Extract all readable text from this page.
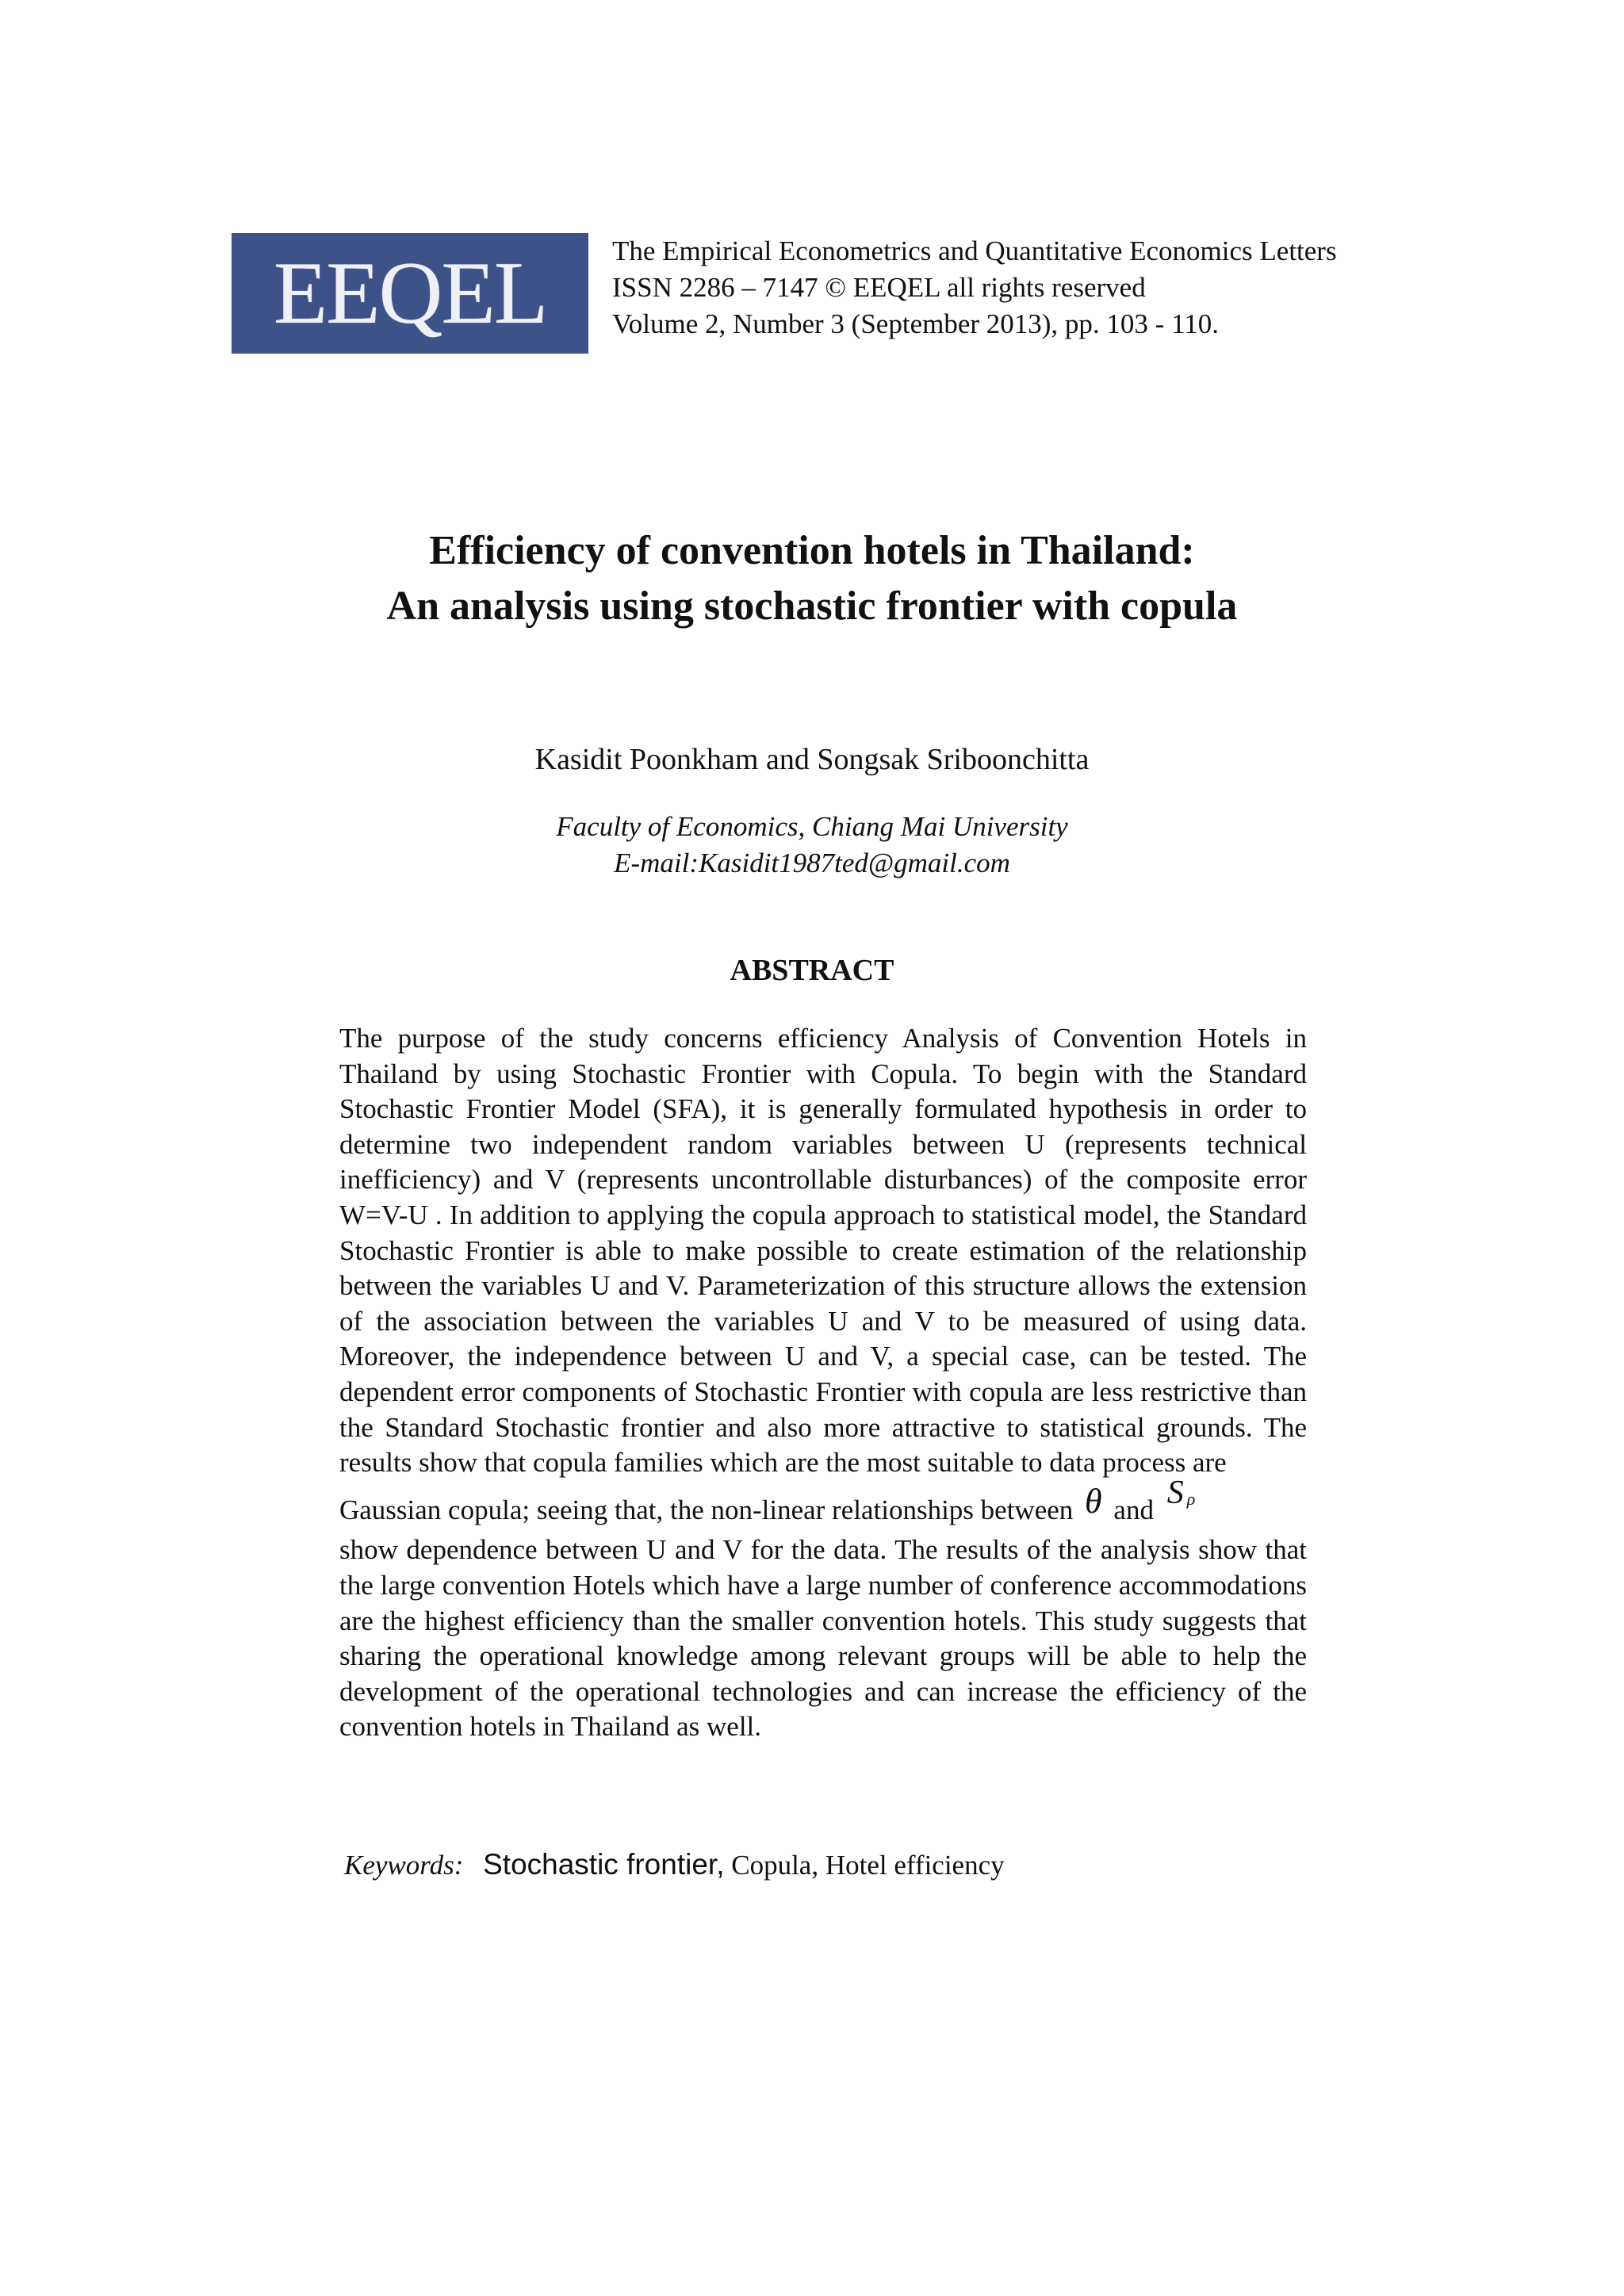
EEQEL The Empirical Econometrics and Quantitative Economics Letters
ISSN 2286 – 7147 © EEQEL all rights reserved
Volume 2, Number 3 (September 2013), pp. 103 - 110.
Efficiency of convention hotels in Thailand:
An analysis using stochastic frontier with copula
Kasidit Poonkham and Songsak Sriboonchitta
Faculty of Economics, Chiang Mai University
E-mail:Kasidit1987ted@gmail.com
ABSTRACT

The purpose of the study concerns efficiency Analysis of Convention Hotels in Thailand by using Stochastic Frontier with Copula. To begin with the Standard Stochastic Frontier Model (SFA), it is generally formulated hypothesis in order to determine two independent random variables between U (represents technical inefficiency) and V (represents uncontrollable disturbances) of the composite error W=V-U . In addition to applying the copula approach to statistical model, the Standard Stochastic Frontier is able to make possible to create estimation of the relationship between the variables U and V. Parameterization of this structure allows the extension of the association between the variables U and V to be measured of using data. Moreover, the independence between U and V, a special case, can be tested. The dependent error components of Stochastic Frontier with copula are less restrictive than the Standard Stochastic frontier and also more attractive to statistical grounds. The results show that copula families which are the most suitable to data process are
Gaussian copula; seeing that, the non-linear relationships between θ and S $_\rho$
show dependence between U and V for the data. The results of the analysis show that the large convention Hotels which have a large number of conference accommodations are the highest efficiency than the smaller convention hotels. This study suggests that sharing the operational knowledge among relevant groups will be able to help the development of the operational technologies and can increase the efficiency of the convention hotels in Thailand as well.

Keywords: Stochastic frontier, Copula, Hotel efficiency
